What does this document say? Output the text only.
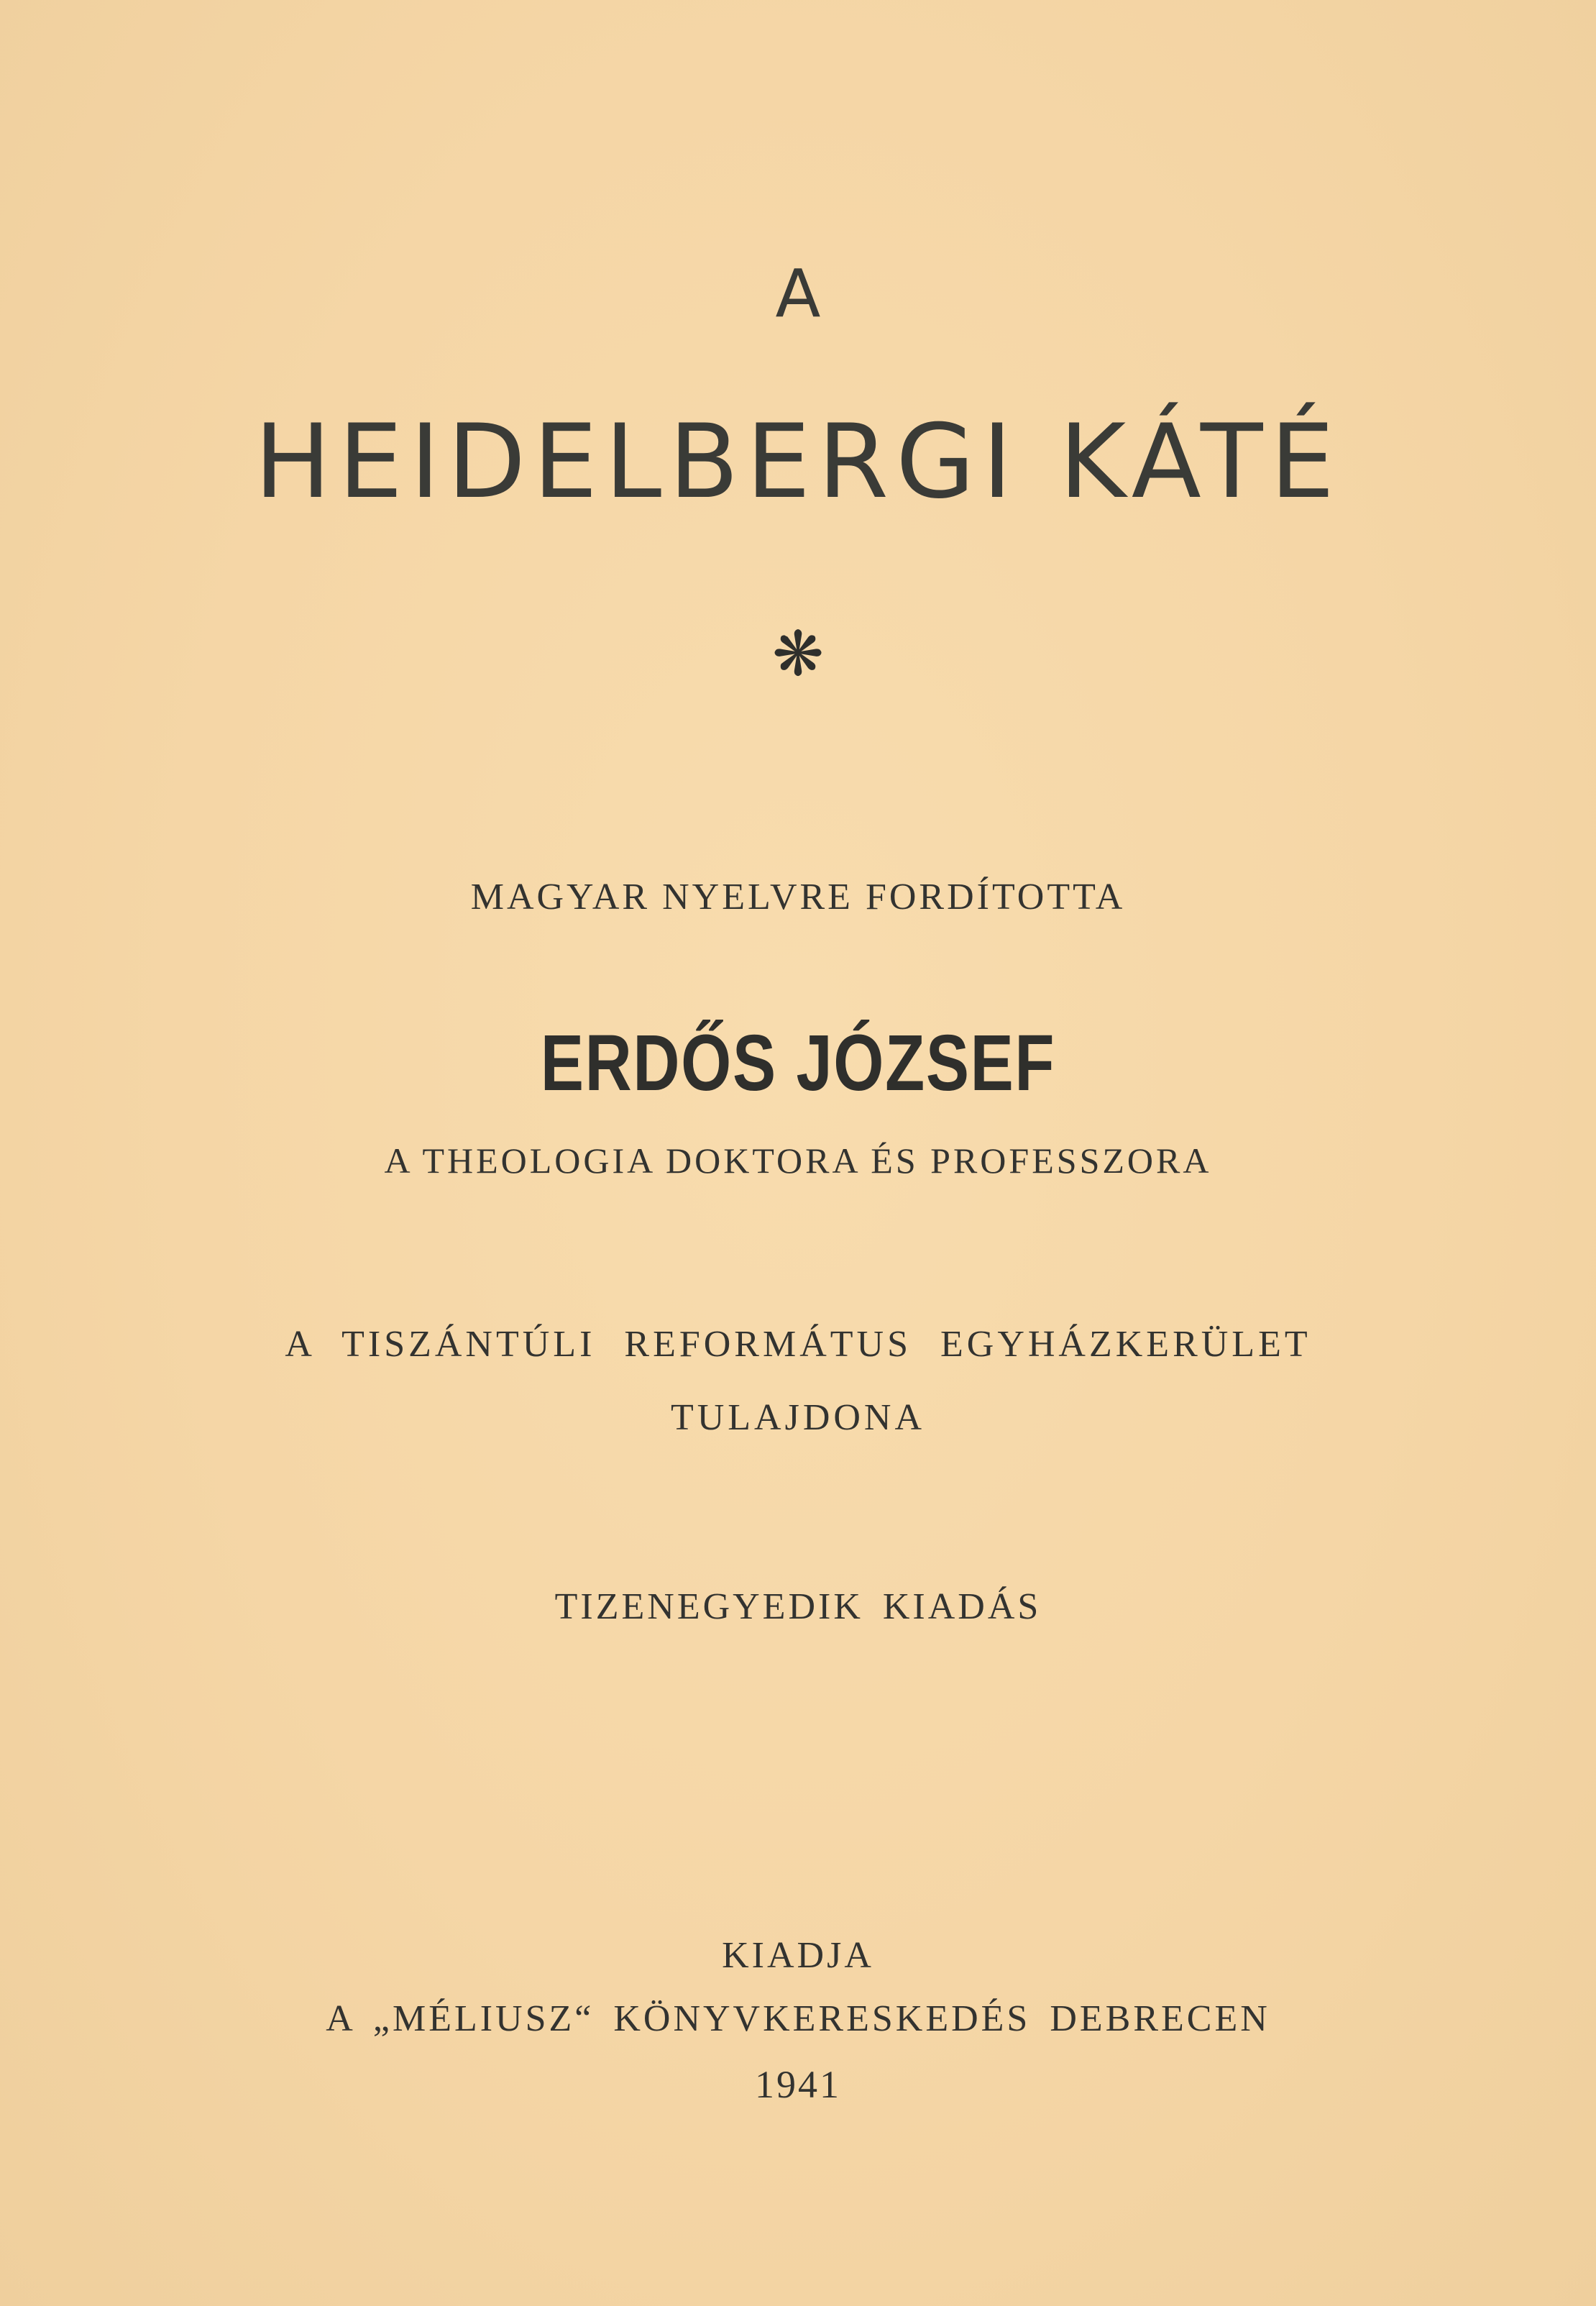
A
HEIDELBERGI KÁTÉ
❋
MAGYAR NYELVRE FORDÍTOTTA
ERDŐS JÓZSEF
A THEOLOGIA DOKTORA ÉS PROFESSZORA
A TISZÁNTÚLI REFORMÁTUS EGYHÁZKERÜLET
TULAJDONA
TIZENEGYEDIK KIADÁS
KIADJA
A „MÉLIUSZ“ KÖNYVKERESKEDÉS DEBRECEN
1941
